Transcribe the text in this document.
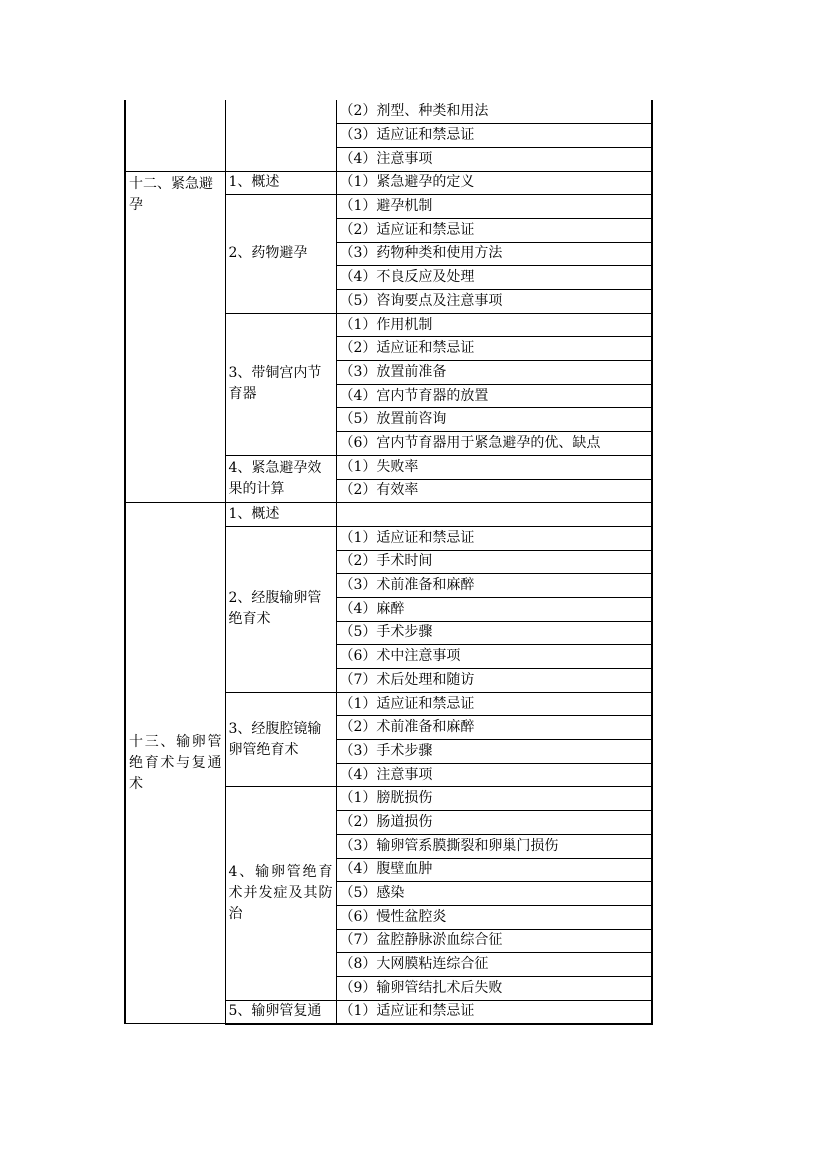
		（2）剂型、种类和用法
		（3）适应证和禁忌证
		（4）注意事项
十二、紧急避孕	1、概述	（1）紧急避孕的定义
	2、药物避孕	（1）避孕机制
		（2）适应证和禁忌证
		（3）药物种类和使用方法
		（4）不良反应及处理
		（5）咨询要点及注意事项
	3、带铜宫内节育器	（1）作用机制
		（2）适应证和禁忌证
		（3）放置前准备
		（4）宫内节育器的放置
		（5）放置前咨询
		（6）宫内节育器用于紧急避孕的优、缺点
	4、紧急避孕效果的计算	（1）失败率
		（2）有效率
十三、输卵管绝育术与复通术	1、概述	
	2、经腹输卵管绝育术	（1）适应证和禁忌证
		（2）手术时间
		（3）术前准备和麻醉
		（4）麻醉
		（5）手术步骤
		（6）术中注意事项
		（7）术后处理和随访
	3、经腹腔镜输卵管绝育术	（1）适应证和禁忌证
		（2）术前准备和麻醉
		（3）手术步骤
		（4）注意事项
	4、输卵管绝育术并发症及其防治	（1）膀胱损伤
		（2）肠道损伤
		（3）输卵管系膜撕裂和卵巢门损伤
		（4）腹壁血肿
		（5）感染
		（6）慢性盆腔炎
		（7）盆腔静脉淤血综合征
		（8）大网膜粘连综合征
		（9）输卵管结扎术后失败
	5、输卵管复通	（1）适应证和禁忌证
